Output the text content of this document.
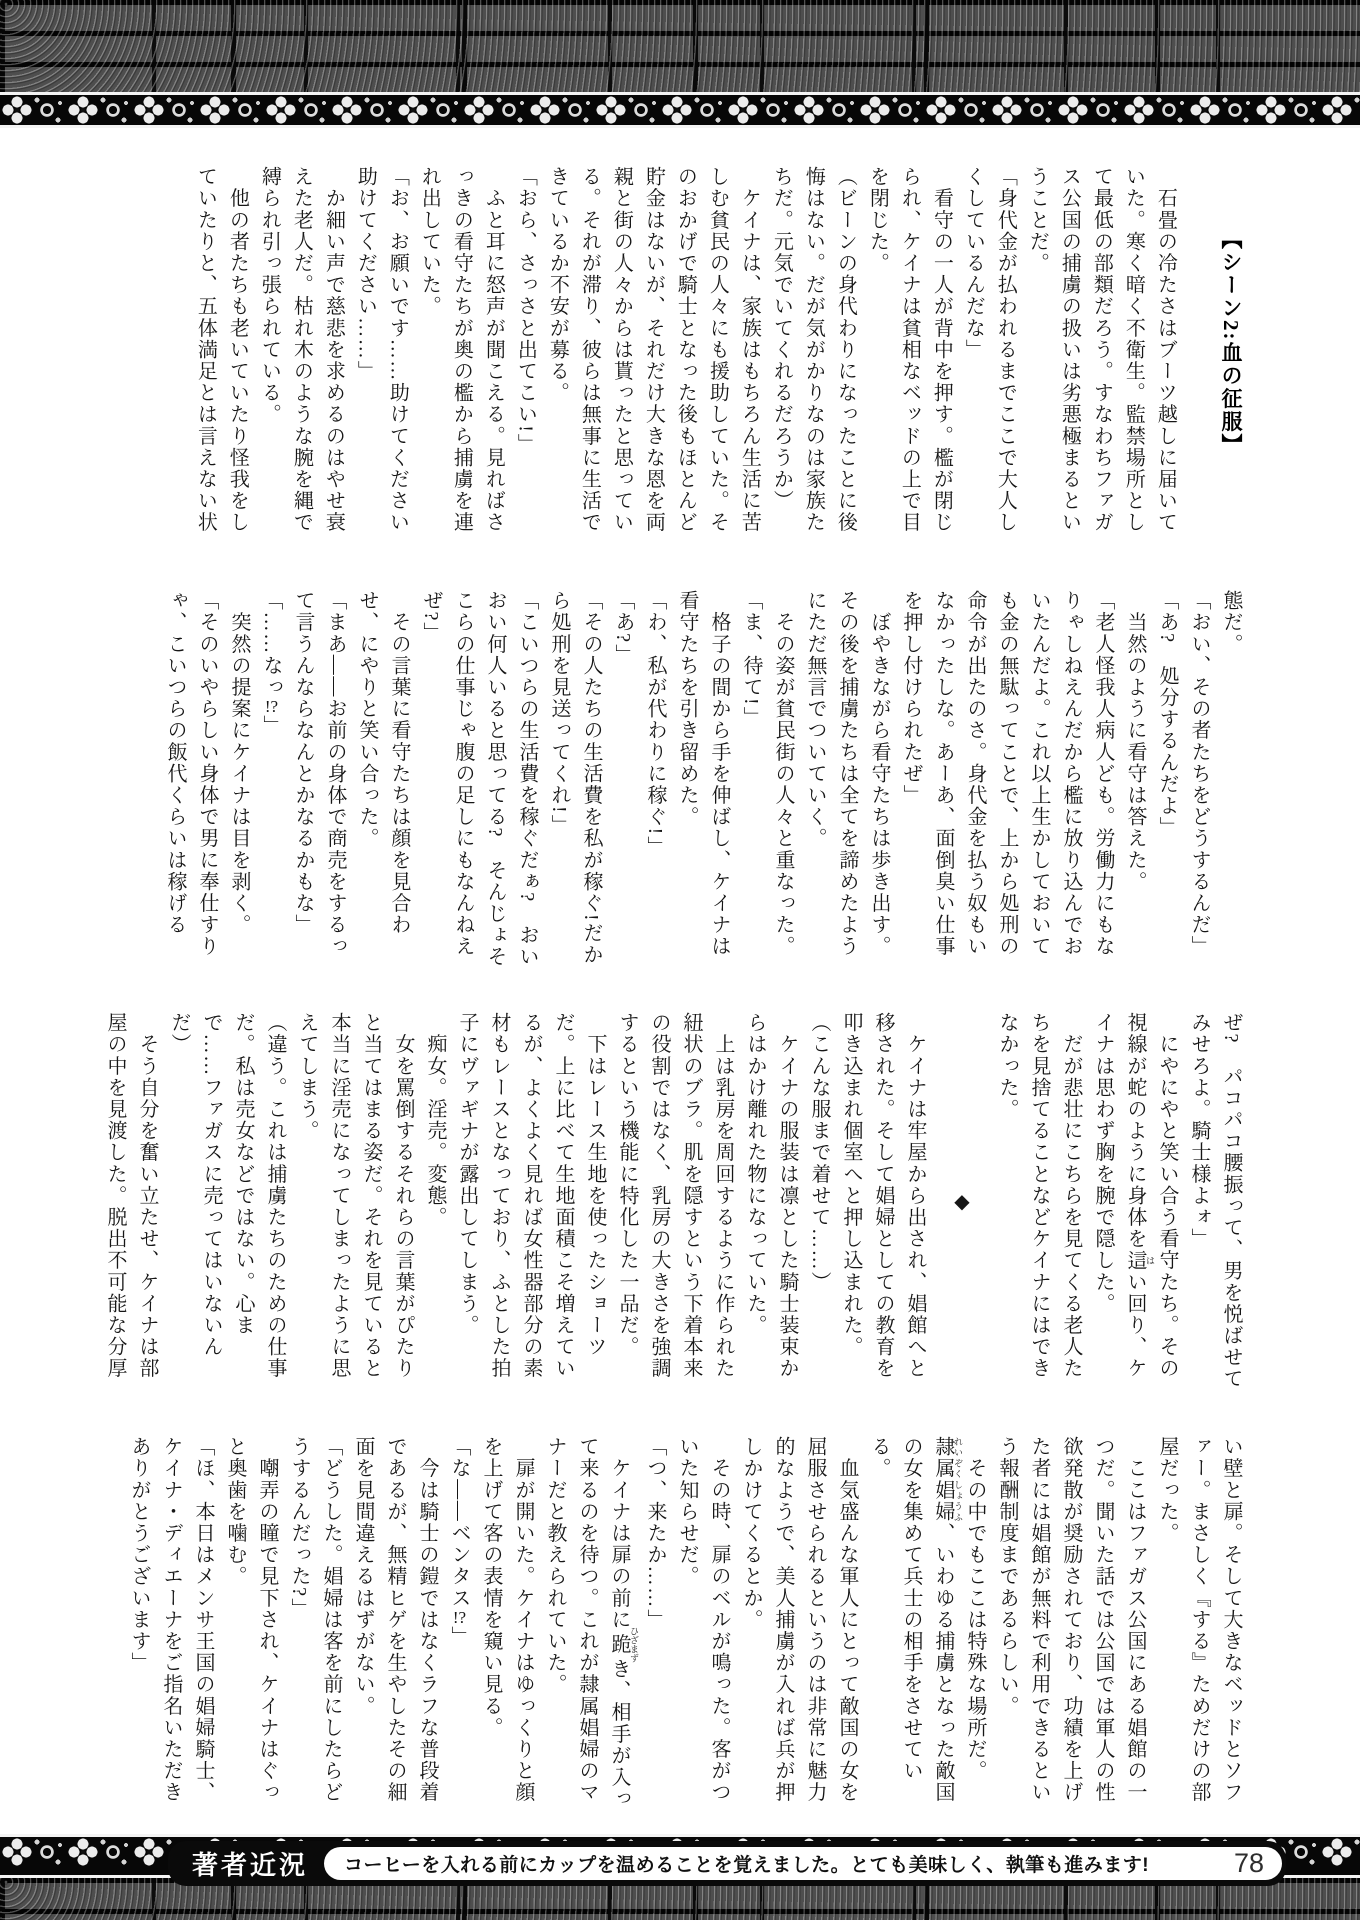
【シーン2:血の征服】

　石畳の冷たさはブーツ越しに届いていた。寒く暗く不衛生。監禁場所として最低の部類だろう。すなわちファガス公国の捕虜の扱いは劣悪極まるということだ。

「身代金が払われるまでここで大人しくしているんだな」

　看守の一人が背中を押す。檻が閉じられ、ケイナは貧相なベッドの上で目を閉じた。

（ビーンの身代わりになったことに後悔はない。だが気がかりなのは家族たちだ。元気でいてくれるだろうか）

　ケイナは、家族はもちろん生活に苦しむ貧民の人々にも援助していた。そのおかげで騎士となった後もほとんど貯金はないが、それだけ大きな恩を両親と街の人々からは貰ったと思っている。それが滞り、彼らは無事に生活できているか不安が募る。

「おら、さっさと出てこい!」

　ふと耳に怒声が聞こえる。見ればさっきの看守たちが奥の檻から捕虜を連れ出していた。

「お、お願いです……助けてください助けてください……」

　か細い声で慈悲を求めるのはやせ衰えた老人だ。枯れ木のような腕を縄で縛られ引っ張られている。

　他の者たちも老いていたり怪我をしていたりと、五体満足とは言えない状

態だ。

「おい、その者たちをどうするんだ」

「あ?　処分するんだよ」

　当然のように看守は答えた。

「老人怪我人病人ども。労働力にもなりゃしねえんだから檻に放り込んでおいたんだよ。これ以上生かしておいても金の無駄ってことで、上から処刑の命令が出たのさ。身代金を払う奴もいなかったしな。あーあ、面倒臭い仕事を押し付けられたぜ」

　ぼやきながら看守たちは歩き出す。その後を捕虜たちは全てを諦めたようにただ無言でついていく。

　その姿が貧民街の人々と重なった。

「ま、待て!」

　格子の間から手を伸ばし、ケイナは看守たちを引き留めた。

「わ、私が代わりに稼ぐ!」

「あ?」

「その人たちの生活費を私が稼ぐ!だから処刑を見送ってくれ!」

「こいつらの生活費を稼ぐだぁ?　おいおい何人いると思ってる?　そんじょそこらの仕事じゃ腹の足しにもなんねえぜ?」

　その言葉に看守たちは顔を見合わせ、にやりと笑い合った。

「まあ——お前の身体で商売をするって言うんならなんとかなるかもな」

「……なっ!?」

　突然の提案にケイナは目を剥く。

「そのいやらしい身体で男に奉仕すりゃ、こいつらの飯代くらいは稼げる

ぜ?　パコパコ腰振って、男を悦ばせてみせろよ。騎士様よォ」

　にやにやと笑い合う看守たち。その視線が蛇のように身体を這 はい回り、ケイナは思わず胸を腕で隠した。

　だが悲壮にこちらを見てくる老人たちを見捨てることなどケイナにはできなかった。

◆

　ケイナは牢屋から出され、娼館へと移された。そして娼婦としての教育を叩き込まれ個室へと押し込まれた。

（こんな服まで着せて……）

　ケイナの服装は凛とした騎士装束からはかけ離れた物になっていた。

　上は乳房を周回するように作られた紐状のブラ。肌を隠すという下着本来の役割ではなく、乳房の大きさを強調するという機能に特化した一品だ。

　下はレース生地を使ったショーツだ。上に比べて生地面積こそ増えているが、よくよく見れば女性器部分の素材もレースとなっており、ふとした拍子にヴァギナが露出してしまう。

　痴女。淫売。変態。

　女を罵倒するそれらの言葉がぴたりと当てはまる姿だ。それを見ていると本当に淫売になってしまったように思えてしまう。

（違う。これは捕虜たちのための仕事だ。私は売女などではない。心まで……ファガスに売ってはいないんだ）

　そう自分を奮い立たせ、ケイナは部屋の中を見渡した。脱出不可能な分厚

い壁と扉。そして大きなベッドとソファー。まさしく『する』ためだけの部屋だった。

　ここはファガス公国にある娼館の一つだ。聞いた話では公国では軍人の性欲発散が奨励されており、功績を上げた者には娼館が無料で利用できるという報酬制度まであるらしい。

　その中でもここは特殊な場所だ。隷属娼婦 れいぞくしょうふ、いわゆる捕虜となった敵国の女を集めて兵士の相手をさせている。

　血気盛んな軍人にとって敵国の女を屈服させられるというのは非常に魅力的なようで、美人捕虜が入れば兵が押しかけてくるとか。

　その時、扉のベルが鳴った。客がついた知らせだ。

「つ、来たか……」

　ケイナは扉の前に跪 ひざまずき、相手が入って来るのを待つ。これが隷属娼婦のマナーだと教えられていた。

　扉が開いた。ケイナはゆっくりと顔を上げて客の表情を窺い見る。

「な——ベンタス!?」

　今は騎士の鎧ではなくラフな普段着であるが、無精ヒゲを生やしたその細面を見間違えるはずがない。

「どうした。娼婦は客を前にしたらどうするんだった?」

　嘲弄の瞳で見下され、ケイナはぐっと奥歯を噛む。

「ほ、本日はメンサ王国の娼婦騎士、ケイナ・ディエーナをご指名いただきありがとうございます」

著者近況	コーヒーを入れる前にカップを温めることを覚えました。とても美味しく、執筆も進みます!	78
